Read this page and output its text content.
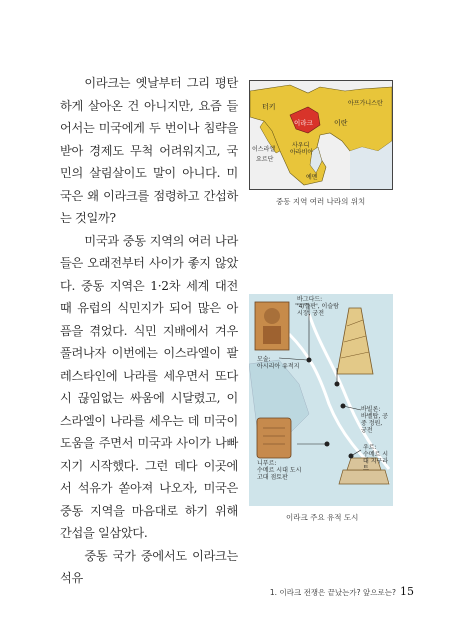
이라크는 옛날부터 그리 평탄하게 살아온 건 아니지만, 요즘 들어서는 미국에게 두 번이나 침략을 받아 경제도 무척 어려워지고, 국민의 살림살이도 말이 아니다. 미국은 왜 이라크를 점령하고 간섭하는 것일까?

미국과 중동 지역의 여러 나라들은 오래전부터 사이가 좋지 않았다. 중동 지역은 1·2차 세계 대전 때 유럽의 식민지가 되어 많은 아픔을 겪었다. 식민 지배에서 겨우 풀려나자 이번에는 이스라엘이 팔레스타인에 나라를 세우면서 또다시 끊임없는 싸움에 시달렸고, 이스라엘이 나라를 세우는 데 미국이 도움을 주면서 미국과 사이가 나빠지기 시작했다. 그런 데다 이곳에서 석유가 쏟아져 나오자, 미국은 중동 지역을 마음대로 하기 위해 간섭을 일삼았다.

중동 국가 중에서도 이라크는 석유

터키
이라크	이란
아프가니스탄
이스라엘
요르단
사우디 아라비아
예멘
중동 지역 여러 나라의 위치
바그다드:
'4/들판', 이슬람
시장, 궁전
모술:
아시리아 유적지
바빌론:
바벨탑, 공중 정원,
궁전
우르:
수메르 시대 지구라트
니푸르:
수메르 시대 도시
고대 점토판
이라크 주요 유적 도시
1. 이라크 전쟁은 끝났는가? 앞으로는? 15
